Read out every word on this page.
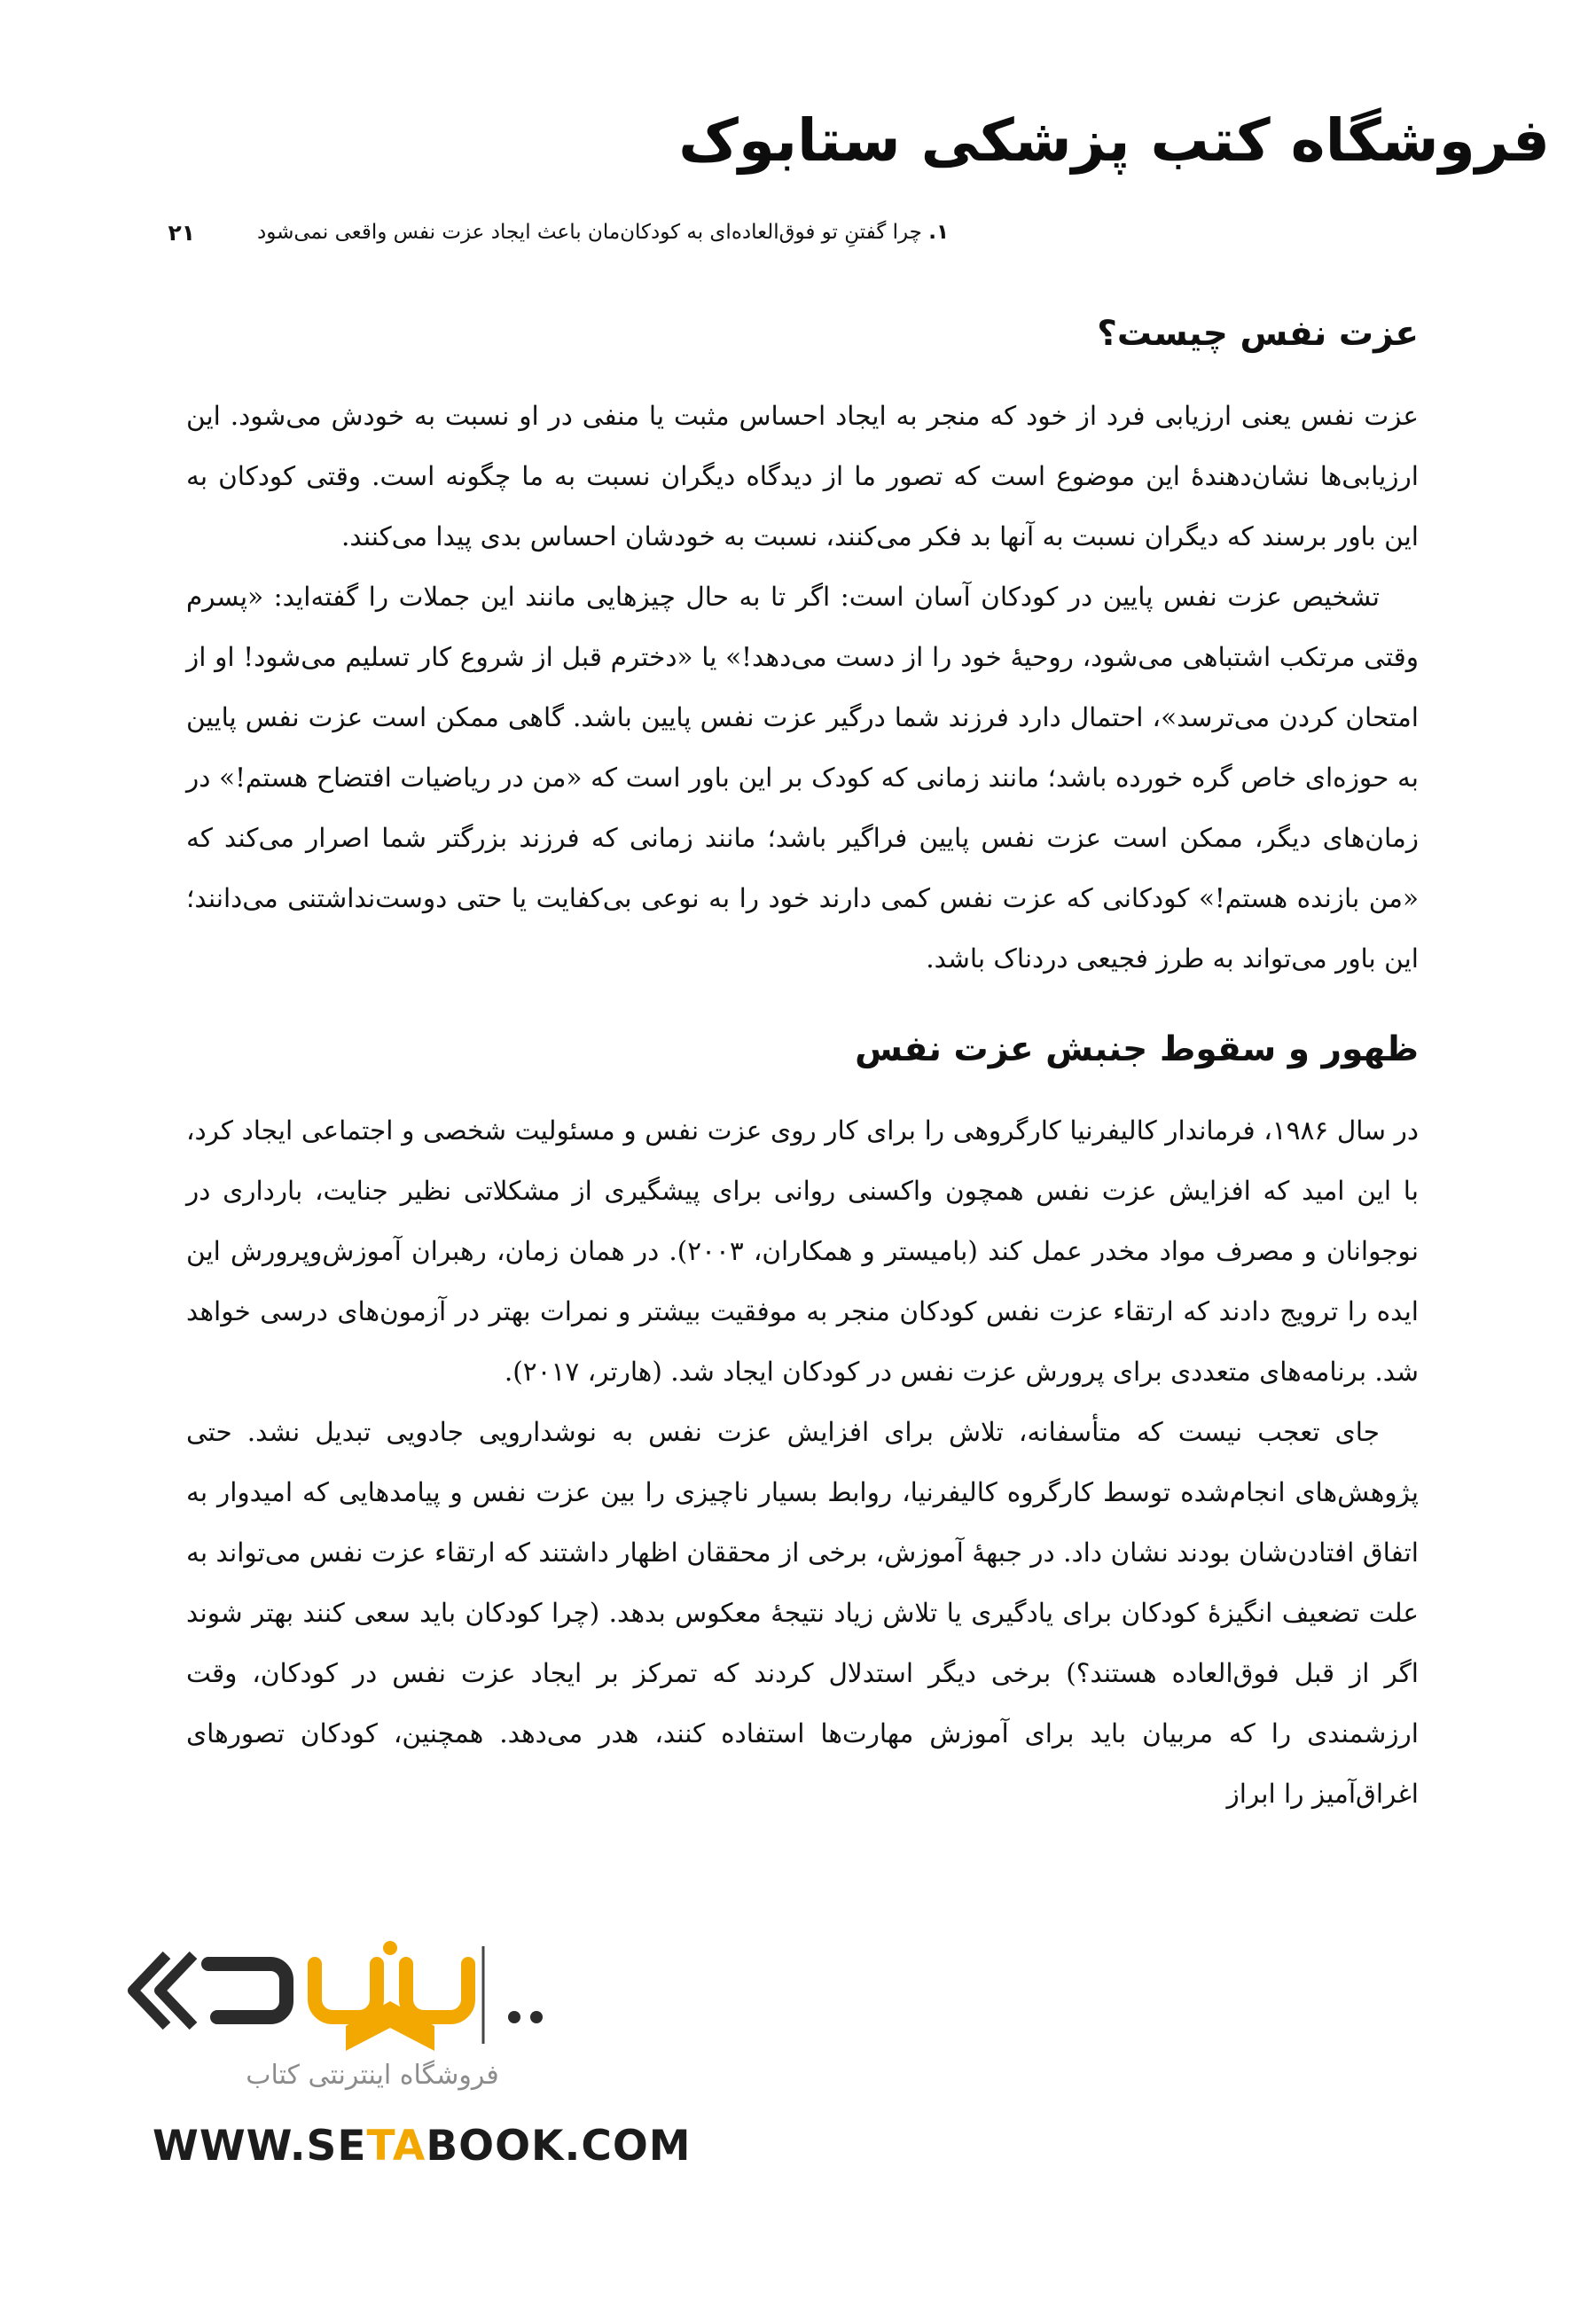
فروشگاه کتب پزشکی ستابوک
۱. چرا گفتنِ تو فوق‌العاده‌ای به کودکان‌مان باعث ایجاد عزت نفس واقعی نمی‌شود
۲۱
عزت نفس چیست؟

عزت نفس یعنی ارزیابی فرد از خود که منجر به ایجاد احساس مثبت یا منفی در او نسبت به خودش می‌شود. این ارزیابی‌ها نشان‌دهندهٔ این موضوع است که تصور ما از دیدگاه دیگران نسبت به ما چگونه است. وقتی کودکان به این باور برسند که دیگران نسبت به آنها بد فکر می‌کنند، نسبت به خودشان احساس بدی پیدا می‌کنند.

تشخیص عزت نفس پایین در کودکان آسان است: اگر تا به حال چیزهایی مانند این جملات را گفته‌اید: «پسرم وقتی مرتکب اشتباهی می‌شود، روحیهٔ خود را از دست می‌دهد!» یا «دخترم قبل از شروع کار تسلیم می‌شود! او از امتحان کردن می‌ترسد»، احتمال دارد فرزند شما درگیر عزت نفس پایین باشد. گاهی ممکن است عزت نفس پایین به حوزه‌ای خاص گره خورده باشد؛ مانند زمانی که کودک بر این باور است که «من در ریاضیات افتضاح هستم!» در زمان‌های دیگر، ممکن است عزت نفس پایین فراگیر باشد؛ مانند زمانی که فرزند بزرگتر شما اصرار می‌کند که «من بازنده هستم!» کودکانی که عزت نفس کمی دارند خود را به نوعی بی‌کفایت یا حتی دوست‌نداشتنی می‌دانند؛ این باور می‌تواند به طرز فجیعی دردناک باشد.

ظهور و سقوط جنبش عزت نفس

در سال ۱۹۸۶، فرماندار کالیفرنیا کارگروهی را برای کار روی عزت نفس و مسئولیت شخصی و اجتماعی ایجاد کرد، با این امید که افزایش عزت نفس همچون واکسنی روانی برای پیشگیری از مشکلاتی نظیر جنایت، بارداری در نوجوانان و مصرف مواد مخدر عمل کند (بامیستر و همکاران، ۲۰۰۳). در همان زمان، رهبران آموزش‌وپرورش این ایده را ترویج دادند که ارتقاء عزت نفس کودکان منجر به موفقیت بیشتر و نمرات بهتر در آزمون‌های درسی خواهد شد. برنامه‌های متعددی برای پرورش عزت نفس در کودکان ایجاد شد. (هارتر، ۲۰۱۷).

جای تعجب نیست که متأسفانه، تلاش برای افزایش عزت نفس به نوشدارویی جادویی تبدیل نشد. حتی پژوهش‌های انجام‌شده توسط کارگروه کالیفرنیا، روابط بسیار ناچیزی را بین عزت نفس و پیامدهایی که امیدوار به اتفاق افتادن‌شان بودند نشان داد. در جبههٔ آموزش، برخی از محققان اظهار داشتند که ارتقاء عزت نفس می‌تواند به علت تضعیف انگیزهٔ کودکان برای یادگیری یا تلاش زیاد نتیجهٔ معکوس بدهد. (چرا کودکان باید سعی کنند بهتر شوند اگر از قبل فوق‌العاده هستند؟) برخی دیگر استدلال کردند که تمرکز بر ایجاد عزت نفس در کودکان، وقت ارزشمندی را که مربیان باید برای آموزش مهارت‌ها استفاده کنند، هدر می‌دهد. همچنین، کودکان تصورهای اغراق‌آمیز را ابراز

فروشگاه اینترنتی کتاب
WWW.SETABOOK.COM
